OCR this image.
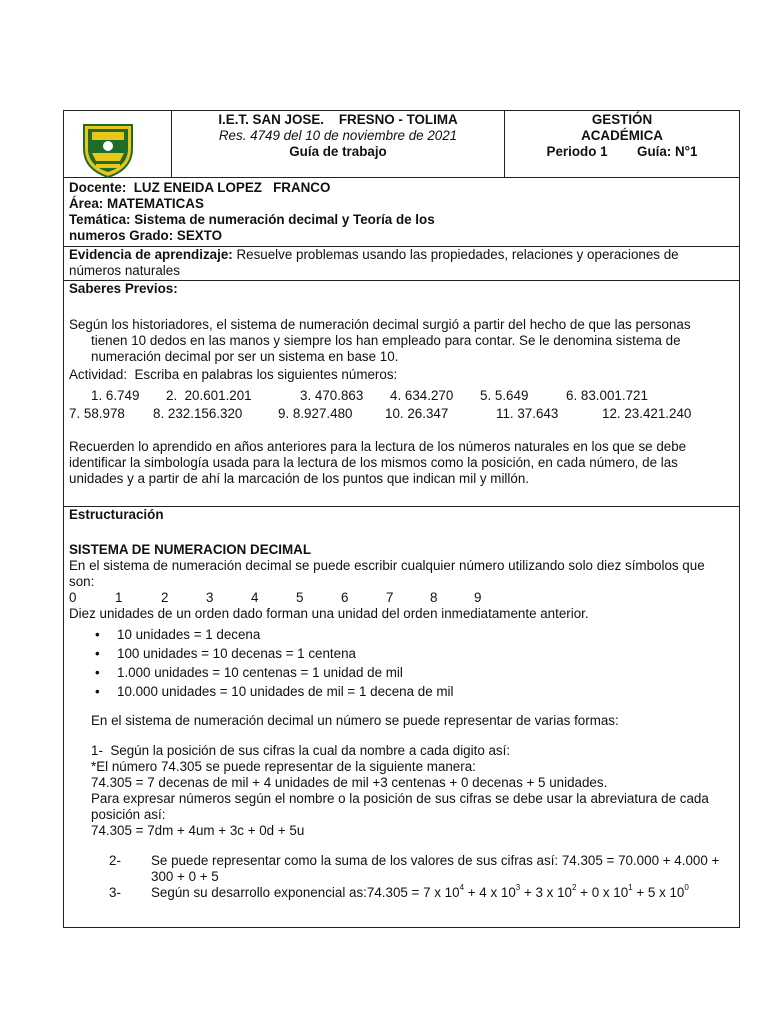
I.E.T. SAN JOSE.    FRESNO - TOLIMA

Res. 4749 del 10 de noviembre de 2021

Guía de trabajo

GESTIÓN

ACADÉMICA

Periodo 1 Guía: N°1

Docente:  LUZ ENEIDA LOPEZ   FRANCO

Área: MATEMATICAS

Temática: Sistema de numeración decimal y Teoría de los

numeros Grado: SEXTO

Evidencia de aprendizaje: Resuelve problemas usando las propiedades, relaciones y operaciones de

números naturales

Saberes Previos:

Según los historiadores, el sistema de numeración decimal surgió a partir del hecho de que las personas

tienen 10 dedos en las manos y siempre los han empleado para contar. Se le denomina sistema de

numeración decimal por ser un sistema en base 10.

Actividad:  Escriba en palabras los siguientes números:

1. 6.749 2.  20.601.201	3. 470.863 4. 634.270 5. 5.649	6. 83.001.721
7. 58.978 8. 232.156.320	9. 8.927.480 10. 26.347	11. 37.643	12. 23.421.240

Recuerden lo aprendido en años anteriores para la lectura de los números naturales en los que se debe

identificar la simbología usada para la lectura de los mismos como la posición, en cada número, de las

unidades y a partir de ahí la marcación de los puntos que indican mil y millón.

Estructuración

SISTEMA DE NUMERACION DECIMAL

En el sistema de numeración decimal se puede escribir cualquier número utilizando solo diez símbolos que

son:

0	1	2	3	4	5	6	7	8	9

Diez unidades de un orden dado forman una unidad del orden inmediatamente anterior.

• 10 unidades = 1 decena
• 100 unidades = 10 decenas = 1 centena
• 1.000 unidades = 10 centenas = 1 unidad de mil
• 10.000 unidades = 10 unidades de mil = 1 decena de mil

En el sistema de numeración decimal un número se puede representar de varias formas:

1-  Según la posición de sus cifras la cual da nombre a cada digito así:

*El número 74.305 se puede representar de la siguiente manera:

74.305 = 7 decenas de mil + 4 unidades de mil +3 centenas + 0 decenas + 5 unidades.

Para expresar números según el nombre o la posición de sus cifras se debe usar la abreviatura de cada

posición así:

74.305 = 7dm + 4um + 3c + 0d + 5u

2- Se puede representar como la suma de los valores de sus cifras así: 74.305 = 70.000 + 4.000 +

300 + 0 + 5

3- Según su desarrollo exponencial as:74.305 = 7 x $10^4 + 4$ x $10^3 + 3$ x $10^2 + 0$ x $10^1 + 5$ x $10^0$
